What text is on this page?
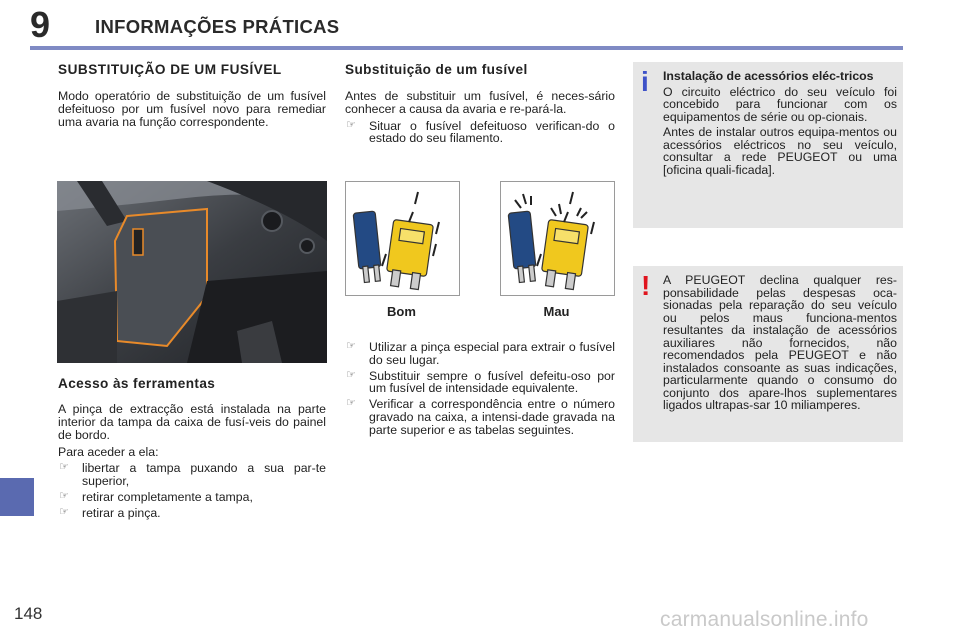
9 INFORMAÇÕES PRÁTICAS
SUBSTITUIÇÃO DE UM FUSÍVEL

Modo operatório de substituição de um fusível defeituoso por um fusível novo para remediar uma avaria na função correspondente.

Acesso às ferramentas

A pinça de extracção está instalada na parte interior da tampa da caixa de fusí-veis do painel de bordo.

Para aceder a ela:

☞ libertar a tampa puxando a sua par-te superior,
☞ retirar completamente a tampa,
☞ retirar a pinça.
Substituição de um fusível

Antes de substituir um fusível, é neces-sário conhecer a causa da avaria e re-pará-la.

☞ Situar o fusível defeituoso verifican-do o estado do seu filamento.
Bom	Mau
☞ Utilizar a pinça especial para extrair o fusível do seu lugar.
☞ Substituir sempre o fusível defeitu-oso por um fusível de intensidade equivalente.
☞ Verificar a correspondência entre o número gravado na caixa, a intensi-dade gravada na parte superior e as tabelas seguintes.
i Instalação de acessórios eléc-tricos

O circuito eléctrico do seu veículo foi concebido para funcionar com os equipamentos de série ou op-cionais.

Antes de instalar outros equipa-mentos ou acessórios eléctricos no seu veículo, consultar a rede PEUGEOT ou uma [oficina quali-ficada].

! A PEUGEOT declina qualquer res-ponsabilidade pelas despesas oca-sionadas pela reparação do seu veículo ou pelos maus funciona-mentos resultantes da instalação de acessórios auxiliares não fornecidos, não recomendados pela PEUGEOT e não instalados consoante as suas indicações, particularmente quando o consumo do conjunto dos apare-lhos suplementares ligados ultrapas-sar 10 miliamperes.

148	carmanualsonline.info
